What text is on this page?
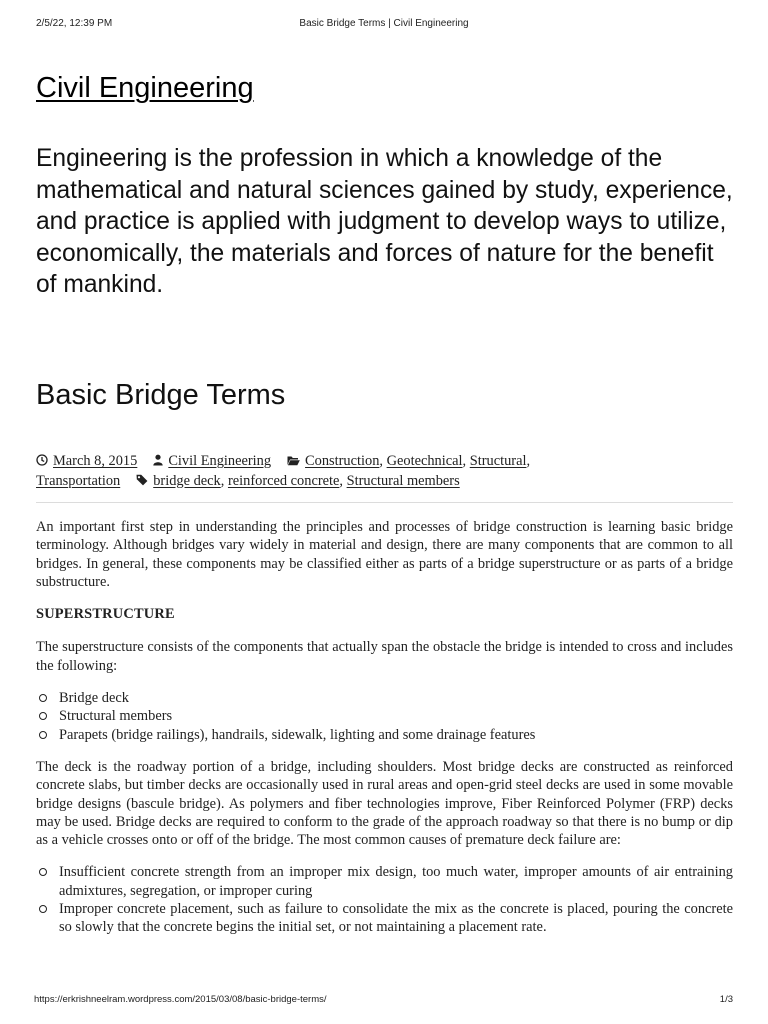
2/5/22, 12:39 PM	Basic Bridge Terms | Civil Engineering
Civil Engineering

Engineering is the profession in which a knowledge of the mathematical and natural sciences gained by study, experience, and practice is applied with judgment to develop ways to utilize, economically, the materials and forces of nature for the benefit of mankind.

Basic Bridge Terms
March 8, 2015 Civil Engineering Construction, Geotechnical, Structural,
Transportation bridge deck, reinforced concrete, Structural members

An important first step in understanding the principles and processes of bridge construction is learning basic bridge terminology. Although bridges vary widely in material and design, there are many components that are common to all bridges. In general, these components may be classified either as parts of a bridge superstructure or as parts of a bridge substructure.

SUPERSTRUCTURE

The superstructure consists of the components that actually span the obstacle the bridge is intended to cross and includes the following:

Bridge deck
Structural members
Parapets (bridge railings), handrails, sidewalk, lighting and some drainage features

The deck is the roadway portion of a bridge, including shoulders. Most bridge decks are constructed as reinforced concrete slabs, but timber decks are occasionally used in rural areas and open-grid steel decks are used in some movable bridge designs (bascule bridge). As polymers and fiber technologies improve, Fiber Reinforced Polymer (FRP) decks may be used. Bridge decks are required to conform to the grade of the approach roadway so that there is no bump or dip as a vehicle crosses onto or off of the bridge. The most common causes of premature deck failure are:

Insufficient concrete strength from an improper mix design, too much water, improper amounts of air entraining admixtures, segregation, or improper curing
Improper concrete placement, such as failure to consolidate the mix as the concrete is placed, pouring the concrete so slowly that the concrete begins the initial set, or not maintaining a placement rate.
https://erkrishneelram.wordpress.com/2015/03/08/basic-bridge-terms/	1/3
